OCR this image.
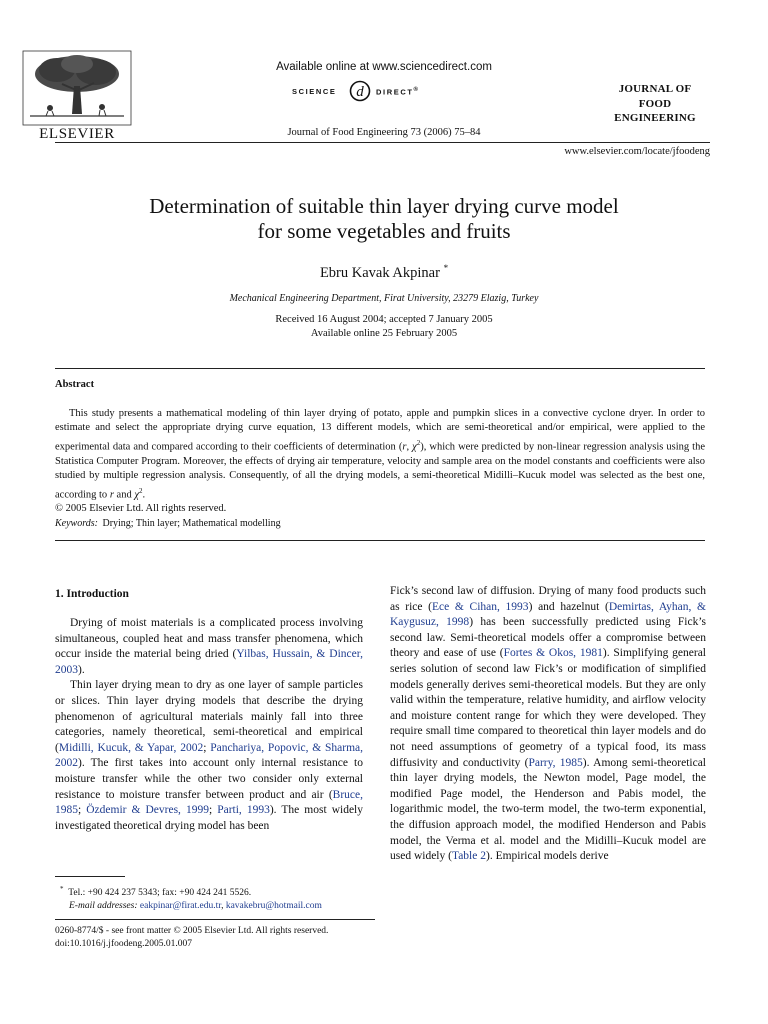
ELSEVIER
Available online at www.sciencedirect.com
SCIENCE d DIRECT®
Journal of Food Engineering 73 (2006) 75–84
JOURNAL OF
FOOD
ENGINEERING
www.elsevier.com/locate/jfoodeng
Determination of suitable thin layer drying curve model
for some vegetables and fruits
Ebru Kavak Akpinar *
Mechanical Engineering Department, Firat University, 23279 Elazig, Turkey
Received 16 August 2004; accepted 7 January 2005
Available online 25 February 2005
Abstract

This study presents a mathematical modeling of thin layer drying of potato, apple and pumpkin slices in a convective cyclone dryer. In order to estimate and select the appropriate drying curve equation, 13 different models, which are semi-theoretical and/or empirical, were applied to the experimental data and compared according to their coefficients of determination (r, $\chi^2$), which were predicted by non-linear regression analysis using the Statistica Computer Program. Moreover, the effects of drying air temperature, velocity and sample area on the model constants and coefficients were also studied by multiple regression analysis. Consequently, of all the drying models, a semi-theoretical Midilli–Kucuk model was selected as the best one, according to r and $\chi^2$.

© 2005 Elsevier Ltd. All rights reserved.
Keywords: Drying; Thin layer; Mathematical modelling
1. Introduction

Drying of moist materials is a complicated process involving simultaneous, coupled heat and mass transfer phenomena, which occur inside the material being dried (Yilbas, Hussain, & Dincer, 2003).

Thin layer drying mean to dry as one layer of sample particles or slices. Thin layer drying models that describe the drying phenomenon of agricultural materials mainly fall into three categories, namely theoretical, semi-theoretical and empirical (Midilli, Kucuk, & Yapar, 2002; Panchariya, Popovic, & Sharma, 2002). The first takes into account only internal resistance to moisture transfer while the other two consider only external resistance to moisture transfer between product and air (Bruce, 1985; Özdemir & Devres, 1999; Parti, 1993). The most widely investigated theoretical drying model has been

Fick’s second law of diffusion. Drying of many food products such as rice (Ece & Cihan, 1993) and hazelnut (Demirtas, Ayhan, & Kaygusuz, 1998) has been successfully predicted using Fick’s second law. Semi-theoretical models offer a compromise between theory and ease of use (Fortes & Okos, 1981). Simplifying general series solution of second law Fick’s or modification of simplified models generally derives semi-theoretical models. But they are only valid within the temperature, relative humidity, and airflow velocity and moisture content range for which they were developed. They require small time compared to theoretical thin layer models and do not need assumptions of geometry of a typical food, its mass diffusivity and conductivity (Parry, 1985). Among semi-theoretical thin layer drying models, the Newton model, Page model, the modified Page model, the Henderson and Pabis model, the logarithmic model, the two-term model, the two-term exponential, the diffusion approach model, the modified Henderson and Pabis model, the Verma et al. model and the Midilli–Kucuk model are used widely (Table 2). Empirical models derive
* Tel.: +90 424 237 5343; fax: +90 424 241 5526.
E-mail addresses: eakpinar@firat.edu.tr, kavakebru@hotmail.com
0260-8774/$ - see front matter © 2005 Elsevier Ltd. All rights reserved.
doi:10.1016/j.jfoodeng.2005.01.007
